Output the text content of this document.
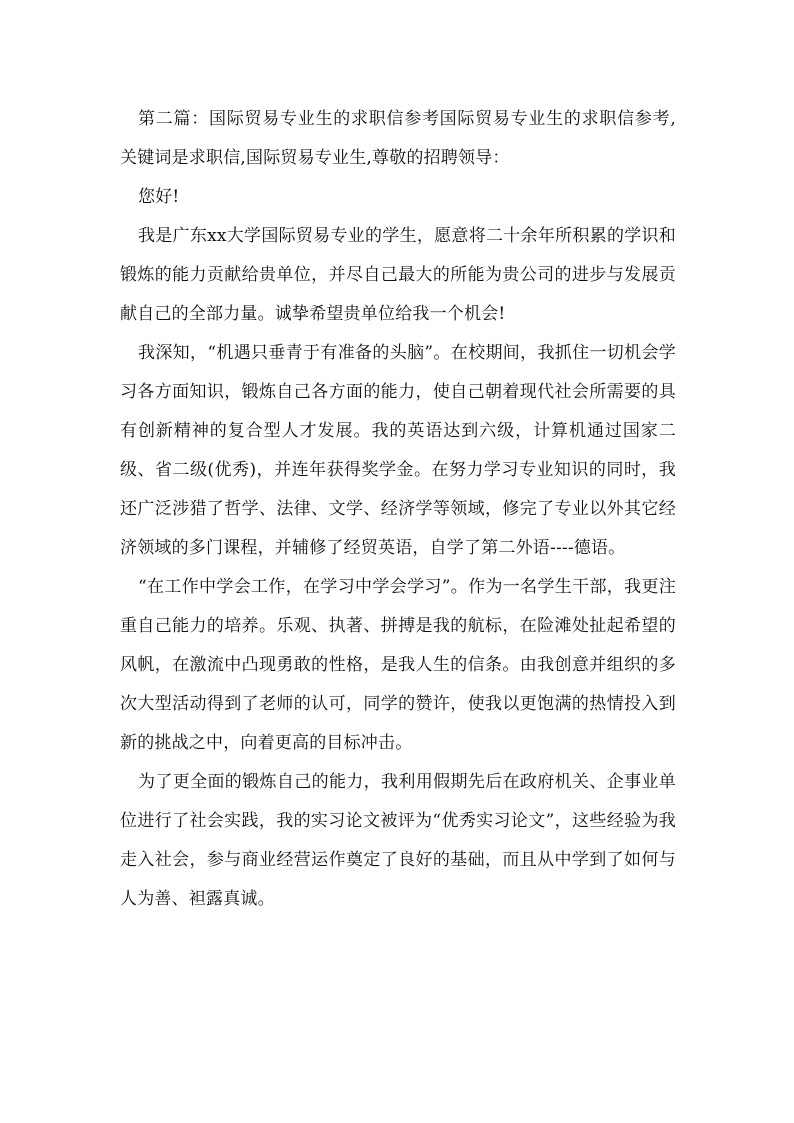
第二篇：国际贸易专业生的求职信参考国际贸易专业生的求职信参考,关键词是求职信,国际贸易专业生,尊敬的招聘领导：

您好!

我是广东xx大学国际贸易专业的学生，愿意将二十余年所积累的学识和锻炼的能力贡献给贵单位，并尽自己最大的所能为贵公司的进步与发展贡献自己的全部力量。诚挚希望贵单位给我一个机会!

我深知，“机遇只垂青于有准备的头脑”。在校期间，我抓住一切机会学习各方面知识，锻炼自己各方面的能力，使自己朝着现代社会所需要的具有创新精神的复合型人才发展。我的英语达到六级，计算机通过国家二级、省二级(优秀)，并连年获得奖学金。在努力学习专业知识的同时，我还广泛涉猎了哲学、法律、文学、经济学等领域，修完了专业以外其它经济领域的多门课程，并辅修了经贸英语，自学了第二外语----德语。

“在工作中学会工作，在学习中学会学习”。作为一名学生干部，我更注重自己能力的培养。乐观、执著、拼搏是我的航标，在险滩处扯起希望的风帆，在激流中凸现勇敢的性格，是我人生的信条。由我创意并组织的多次大型活动得到了老师的认可，同学的赞许，使我以更饱满的热情投入到新的挑战之中，向着更高的目标冲击。

为了更全面的锻炼自己的能力，我利用假期先后在政府机关、企事业单位进行了社会实践，我的实习论文被评为“优秀实习论文”，这些经验为我走入社会，参与商业经营运作奠定了良好的基础，而且从中学到了如何与人为善、袒露真诚。
